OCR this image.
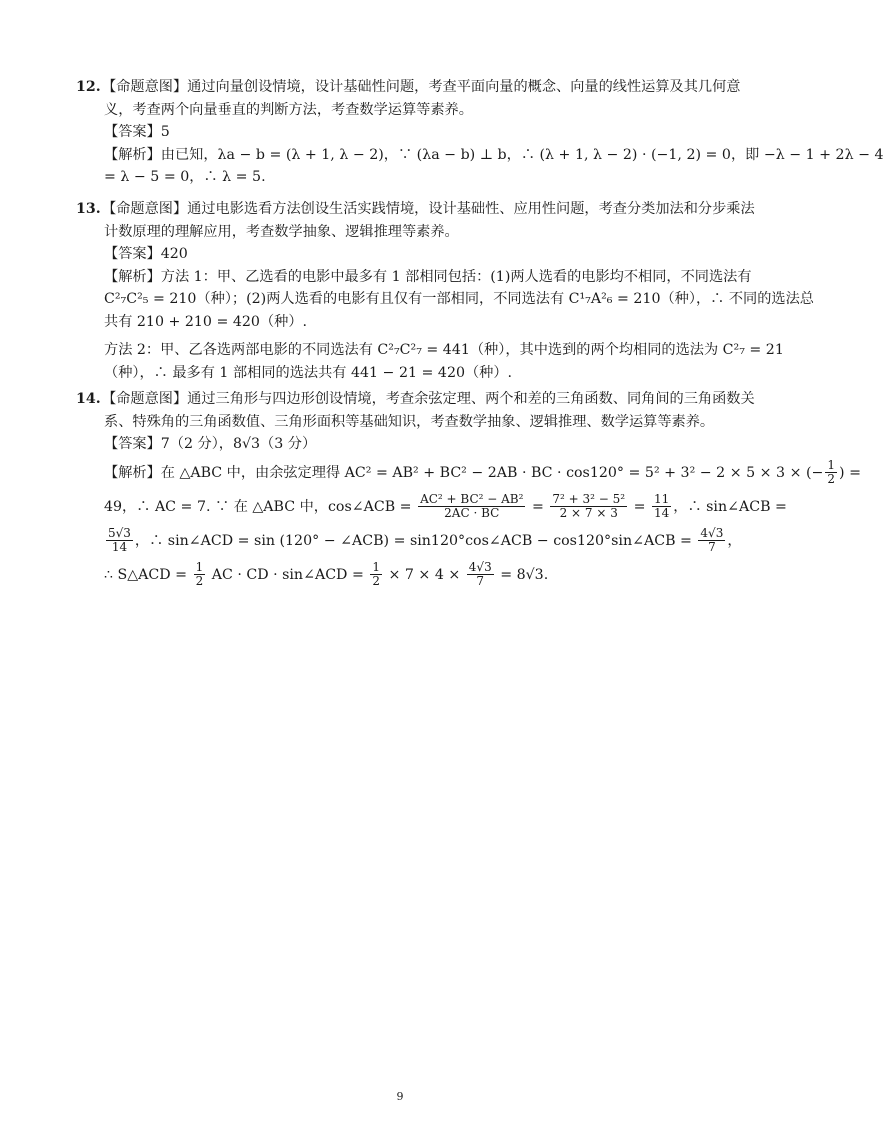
12. 【命题意图】通过向量创设情境，设计基础性问题，考查平面向量的概念、向量的线性运算及其几何意
义，考查两个向量垂直的判断方法，考查数学运算等素养。
【答案】5
【解析】由已知，λa − b = (λ + 1, λ − 2)，∵ (λa − b) ⊥ b，∴ (λ + 1, λ − 2) · (−1, 2) = 0，即 −λ − 1 + 2λ − 4
= λ − 5 = 0，∴ λ = 5.
13. 【命题意图】通过电影选看方法创设生活实践情境，设计基础性、应用性问题，考查分类加法和分步乘法
计数原理的理解应用，考查数学抽象、逻辑推理等素养。
【答案】420
【解析】方法 1：甲、乙选看的电影中最多有 1 部相同包括：(1)两人选看的电影均不相同，不同选法有
C²₇C²₅ = 210（种）；(2)两人选看的电影有且仅有一部相同，不同选法有 C¹₇A²₆ = 210（种），∴ 不同的选法总
共有 210 + 210 = 420（种）.
方法 2：甲、乙各选两部电影的不同选法有 C²₇C²₇ = 441（种），其中选到的两个均相同的选法为 C²₇ = 21
（种），∴ 最多有 1 部相同的选法共有 441 − 21 = 420（种）.
14. 【命题意图】通过三角形与四边形创设情境，考查余弦定理、两个和差的三角函数、同角间的三角函数关
系、特殊角的三角函数值、三角形面积等基础知识，考查数学抽象、逻辑推理、数学运算等素养。
【答案】7（2 分），8√3（3 分）
【解析】在 △ABC 中，由余弦定理得 AC² = AB² + BC² − 2AB · BC · cos120° = 5² + 3² − 2 × 5 × 3 × (− $\frac{1}{2}$ ) =
49，∴ AC = 7. ∵ 在 △ABC 中，cos∠ACB = $\frac{\text{AC² + BC² − AB²}}{2AC \cdot BC} = \frac{\text{7² + 3² − 5²}}{2 \times 7 \times 3} = \frac{11}{14}$ ，∴ sin∠ACB =
$\frac{5√3}{14}$ ，∴ sin∠ACD = sin (120° − ∠ACB) = sin120°cos∠ACB − cos120°sin∠ACB = $\frac{4√3}{7}$ ，
∴ S△ACD = $\frac{1}{2}$ AC · CD · sin∠ACD = $\frac{1}{2} \times 7 \times 4 \times \frac{4√3}{7} = 8√3$.
9
